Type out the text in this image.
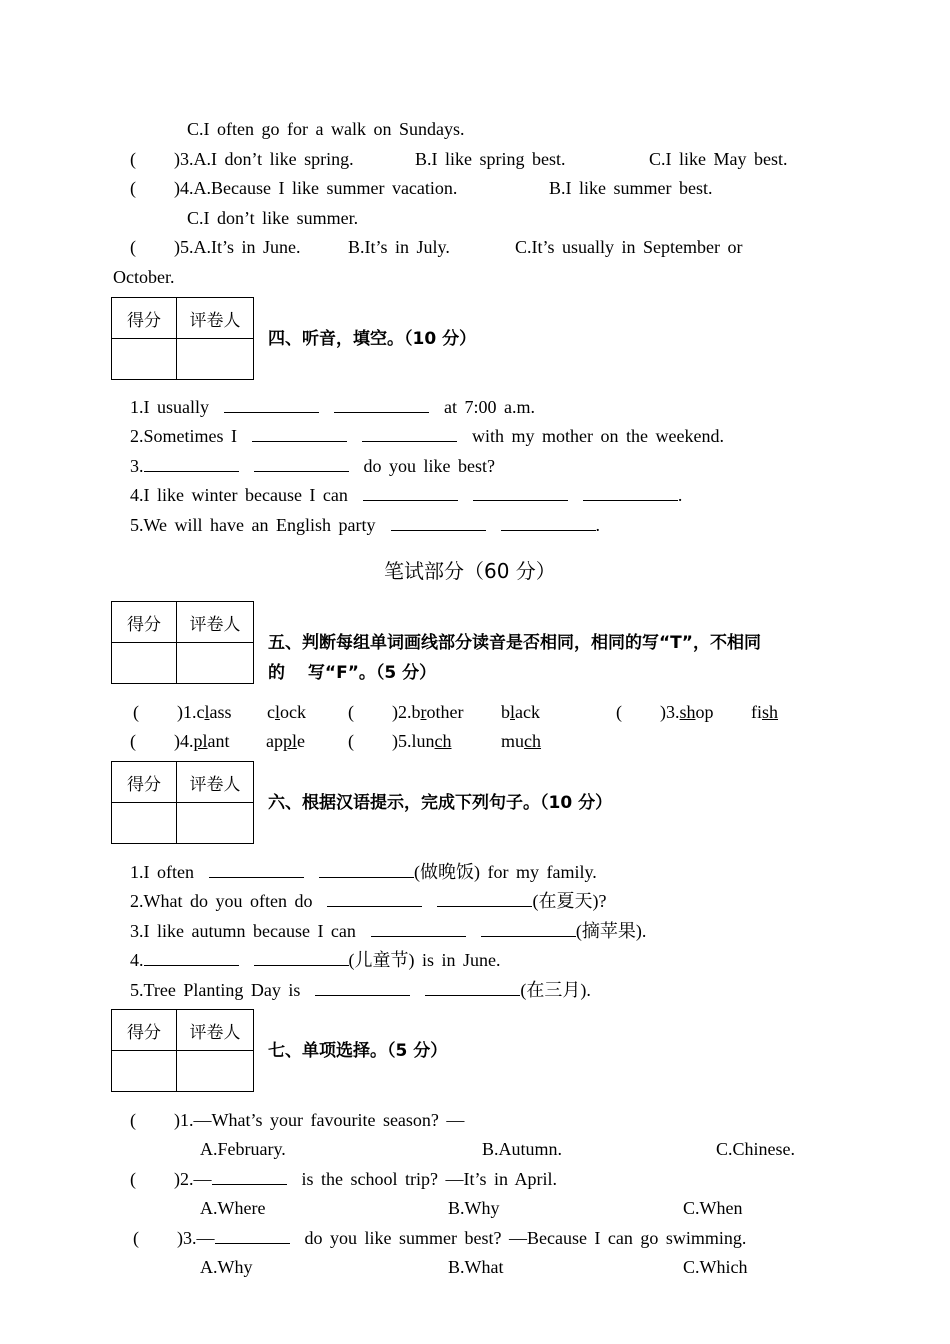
C.I often go for a walk on Sundays.
( )3.A.I don’t like spring.	B.I like spring best.	C.I like May best.
( )4.A.Because I like summer vacation.	B.I like summer best.
C.I don’t like summer.
( )5.A.It’s in June.	B.It’s in July.	C.It’s usually in September or
October.
得分	评卷人

四、听音，填空。（10 分）
1.I usually	at 7:00 a.m.
2.Sometimes I	with my mother on the weekend.
3.	do you like best?
4.I like winter because I can	.
5.We will have an English party	.
笔试部分（60 分）
得分	评卷人

五、判断每组单词画线部分读音是否相同，相同的写“T”，不相同
的　 写“F”。（5 分）
( )1.class clock ( )2.brother black	( )3.shop fish
( )4.plant apple ( )5.lunch	much
得分	评卷人

六、根据汉语提示，完成下列句子。（10 分）
1.I often	(做晚饭) for my family.
2.What do you often do	(在夏天)?
3.I like autumn because I can	(摘苹果).
4.	(儿童节) is in June.
5.Tree Planting Day is	(在三月).
得分	评卷人

七、单项选择。（5 分）
( )1.—What’s your favourite season? —
A.February.	B.Autumn.	C.Chinese.
( )2.—	is the school trip? —It’s in April.
A.Where	B.Why	C.When
( )3.—	do you like summer best? —Because I can go swimming.
A.Why	B.What	C.Which
